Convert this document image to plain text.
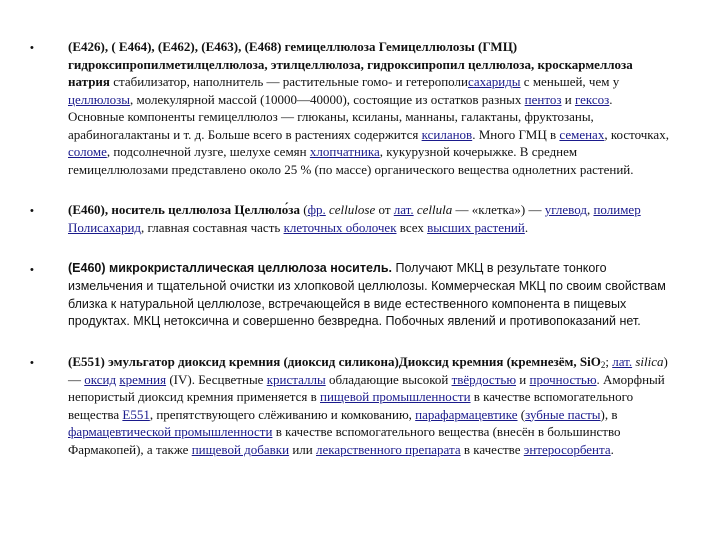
•	(E426), ( E464), (E462), (E463), (E468) гемицеллюлоза Гемицеллюлозы (ГМЦ) гидроксипропилметилцеллюлоза, этилцеллюлоза, гидроксипропил целлюлоза, кроскармеллоза натрия стабилизатор, наполнитель — растительные гомо- и гетерополисахариды с меньшей, чем у целлюлозы, молекулярной массой (10000—40000), состоящие из остатков разных пентоз и гексоз. Основные компоненты гемицеллюлоз — глюканы, ксиланы, маннаны, галактаны, фруктозаны, арабиногалактаны и т. д. Больше всего в растениях содержится ксиланов. Много ГМЦ в семенах, косточках, соломе, подсолнечной лузге, шелухе семян хлопчатника, кукурузной кочерыжке. В среднем гемицеллюлозами представлено около 25 % (по массе) органического вещества однолетних растений.
•	(E460), носитель целлюлоза Целлюло́за (фр. cellulose от лат. cellula — «клетка») — углевод, полимер Полисахарид, главная составная часть клеточных оболочек всех высших растений.
•	(E460) микрокристаллическая целлюлоза носитель. Получают МКЦ в результате тонкого измельчения и тщательной очистки из хлопковой целлюлозы. Коммерческая МКЦ по своим свойствам близка к натуральной целлюлозе, встречающейся в виде естественного компонента в пищевых продуктах. МКЦ нетоксична и совершенно безвредна. Побочных явлений и противопоказаний нет.
•	(E551) эмульгатор диоксид кремния (диоксид силикона)Диоксид кремния (кремнезём, SiO$_2$; лат. silica) — оксид кремния (IV). Бесцветные кристаллы обладающие высокой твёрдостью и прочностью. Аморфный непористый диоксид кремния применяется в пищевой промышленности в качестве вспомогательного вещества E551, препятствующего слёживанию и комкованию, парафармацевтике (зубные пасты), в фармацевтической промышленности в качестве вспомогательного вещества (внесён в большинство Фармакопей), а также пищевой добавки или лекарственного препарата в качестве энтеросорбента.
